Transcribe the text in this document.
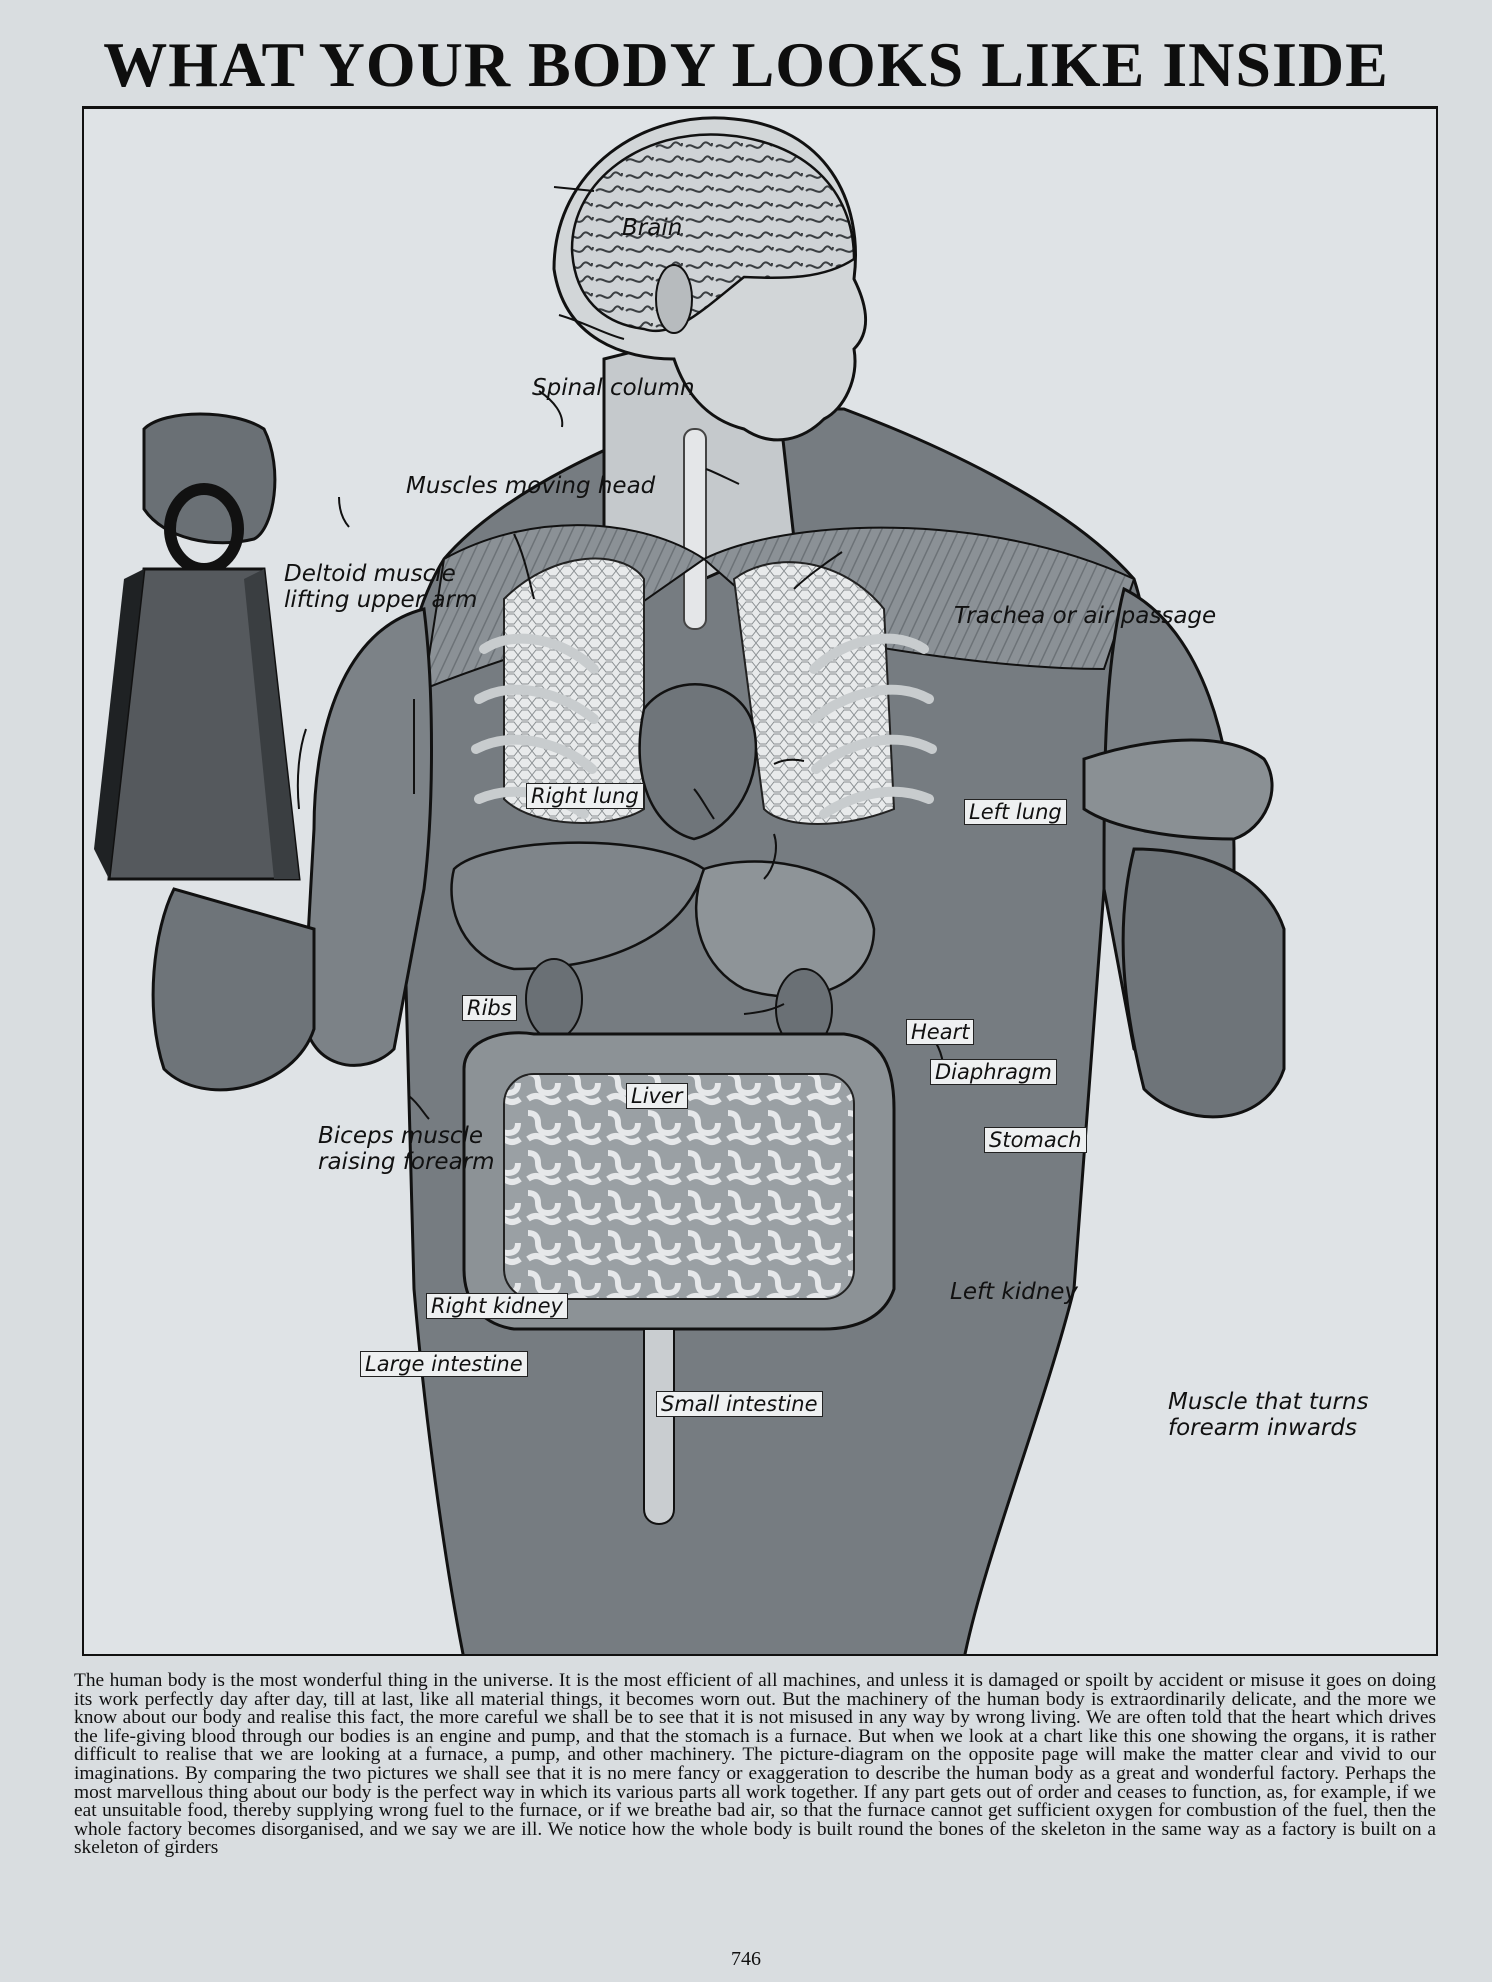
WHAT YOUR BODY LOOKS LIKE INSIDE
Brain
Spinal column
Muscles moving head
Deltoid muscle
lifting upper arm
Trachea or air passage
Right lung
Left lung
Ribs
Heart
Diaphragm
Liver
Stomach
Biceps muscle
raising forearm
Right kidney
Left kidney
Large intestine
Small intestine	Muscle that turns
forearm inwards
The human body is the most wonderful thing in the universe. It is the most efficient of all machines, and unless it is damaged or spoilt by accident or misuse it goes on doing its work perfectly day after day, till at last, like all material things, it becomes worn out. But the machinery of the human body is extraordinarily delicate, and the more we know about our body and realise this fact, the more careful we shall be to see that it is not misused in any way by wrong living. We are often told that the heart which drives the life-giving blood through our bodies is an engine and pump, and that the stomach is a furnace. But when we look at a chart like this one showing the organs, it is rather difficult to realise that we are looking at a furnace, a pump, and other machinery. The picture-diagram on the opposite page will make the matter clear and vivid to our imaginations. By comparing the two pictures we shall see that it is no mere fancy or exaggeration to describe the human body as a great and wonderful factory. Perhaps the most marvellous thing about our body is the perfect way in which its various parts all work together. If any part gets out of order and ceases to function, as, for example, if we eat unsuitable food, thereby supplying wrong fuel to the furnace, or if we breathe bad air, so that the furnace cannot get sufficient oxygen for combustion of the fuel, then the whole factory becomes disorganised, and we say we are ill. We notice how the whole body is built round the bones of the skeleton in the same way as a factory is built on a skeleton of girders
746
